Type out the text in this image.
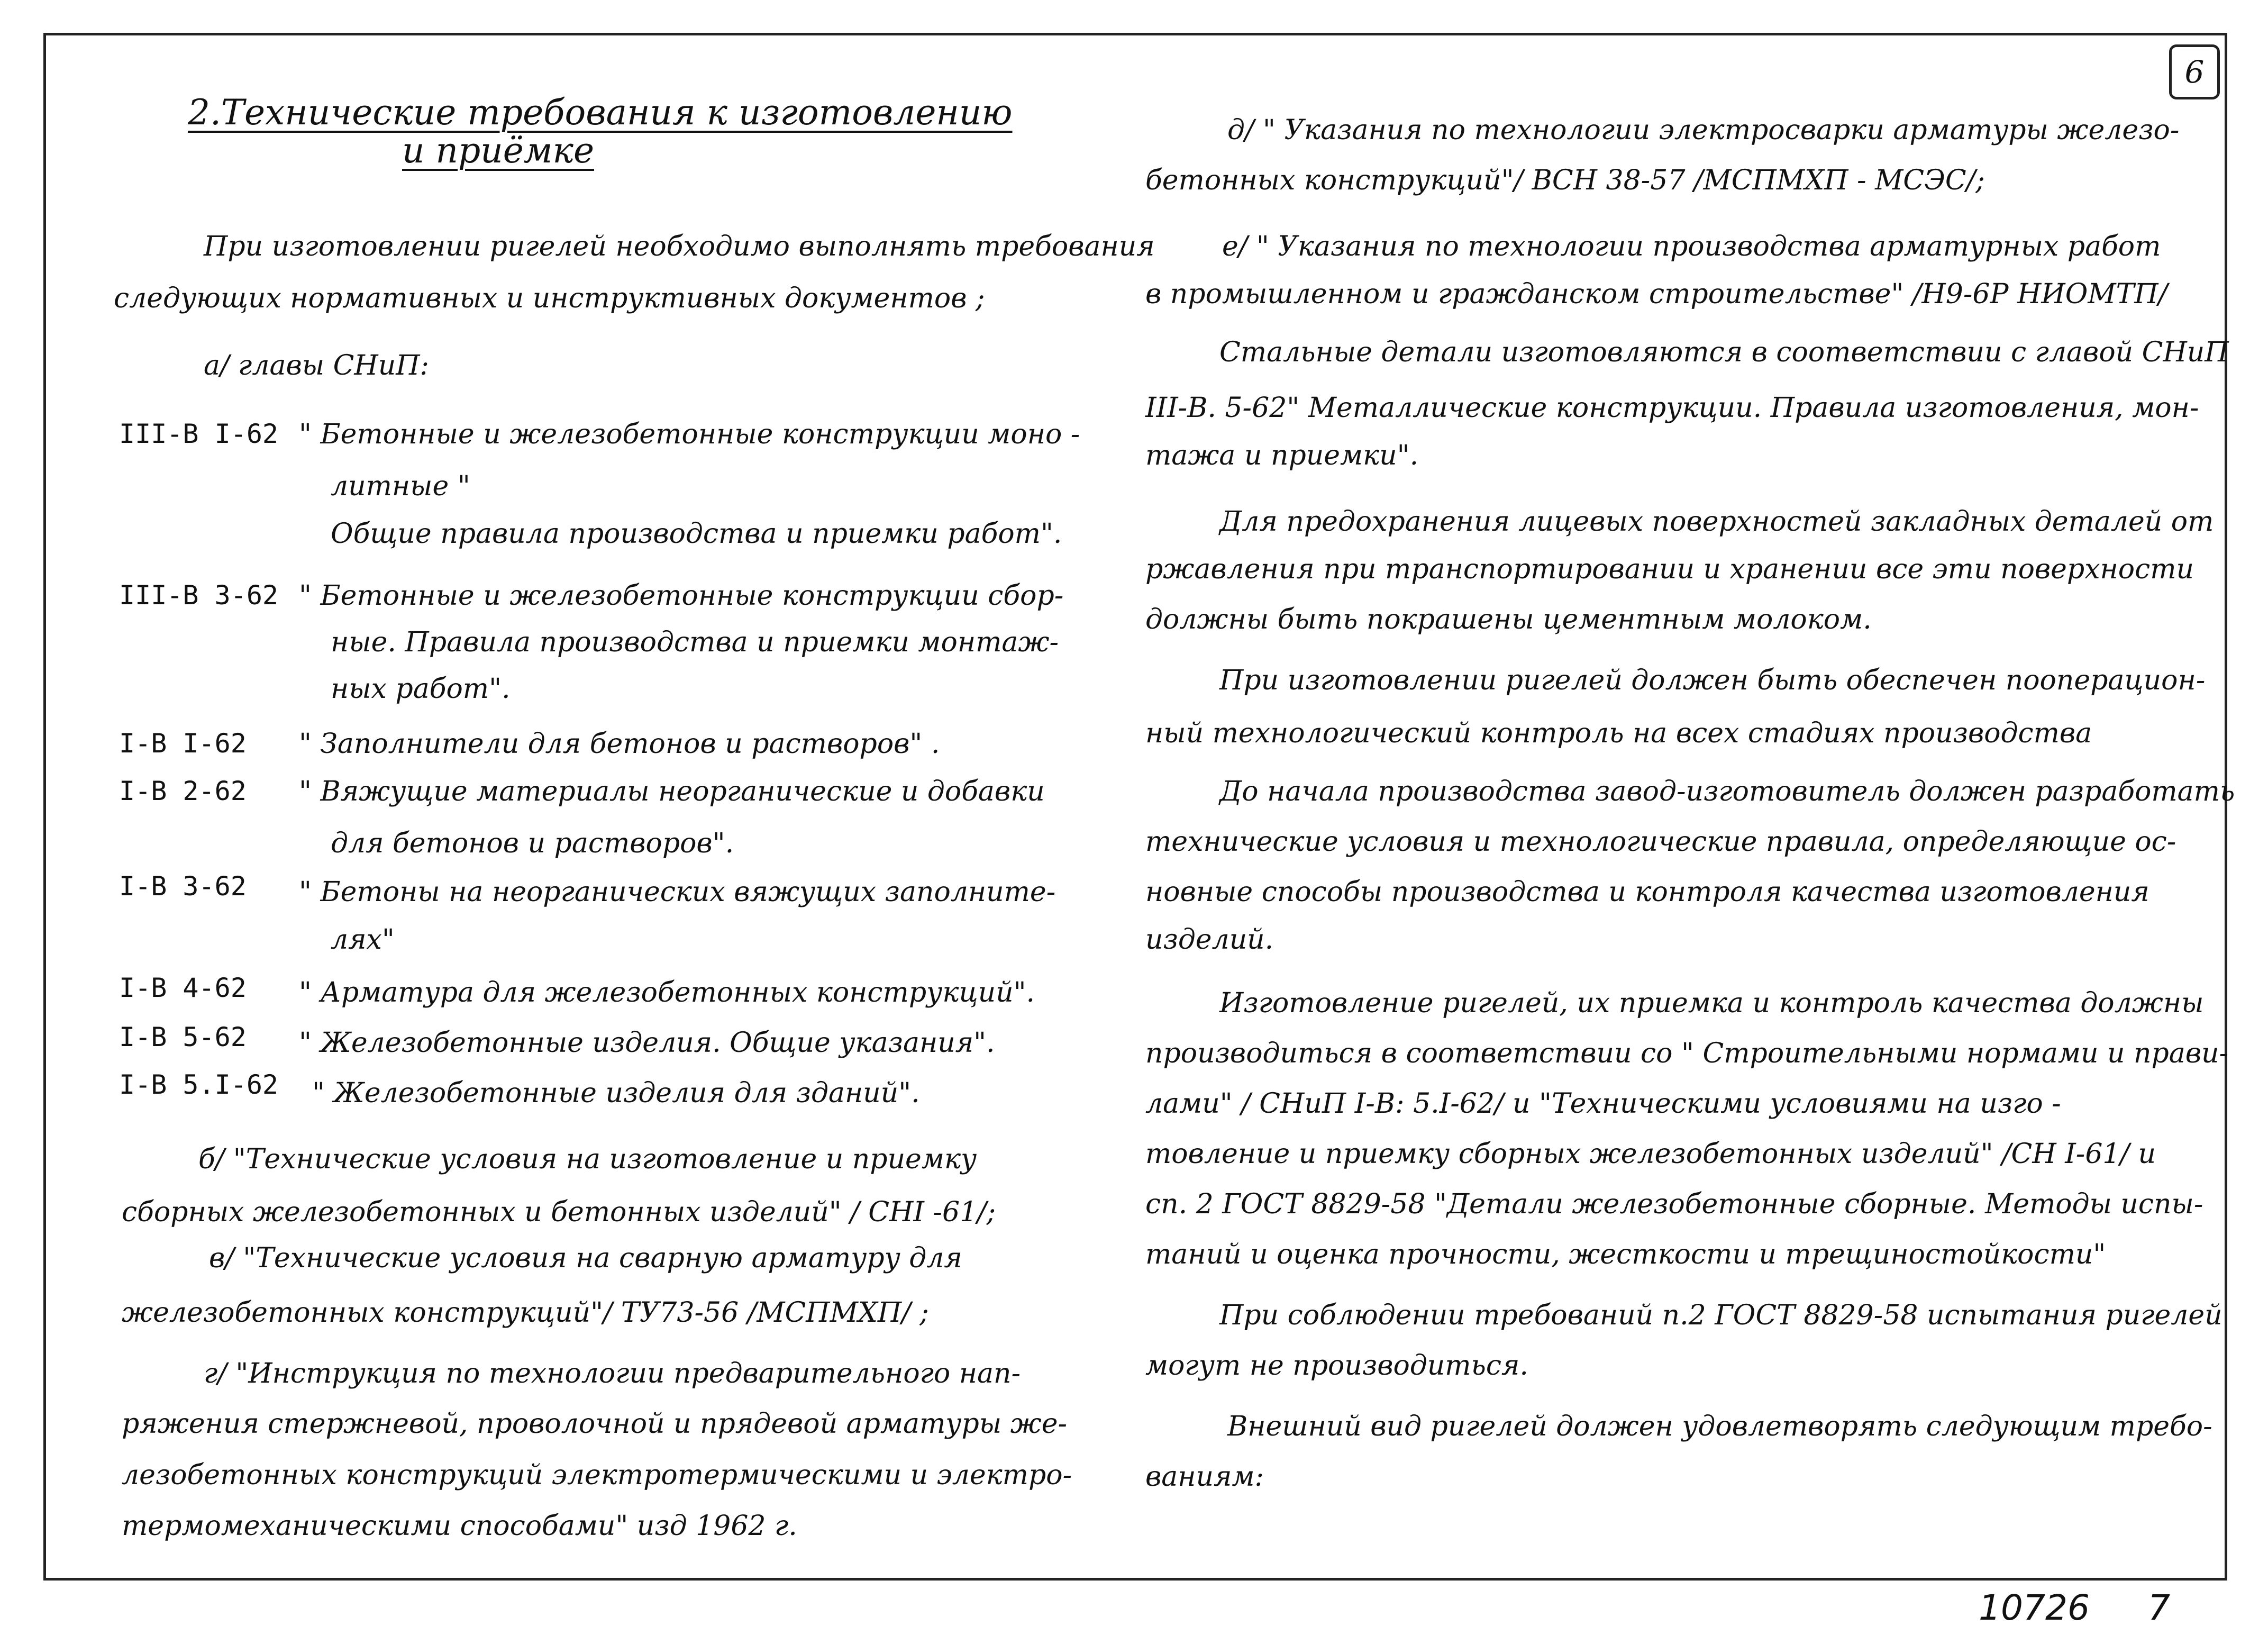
6
2.Технические требования к изготовлению
и приёмке
При изготовлении ригелей необходимо выполнять требования
следующих нормативных и инструктивных документов ;
а/ главы СНиП:
III-В I-62 " Бетонные и железобетонные конструкции моно -
литные "
Общие правила производства и приемки работ".
III-В 3-62 " Бетонные и железобетонные конструкции сбор-
ные. Правила производства и приемки монтаж-
ных работ".
I-В I-62 " Заполнители для бетонов и растворов" .
I-В 2-62 " Вяжущие материалы неорганические и добавки
для бетонов и растворов".
I-В 3-62 " Бетоны на неорганических вяжущих заполните-
лях"
I-В 4-62 " Арматура для железобетонных конструкций".
I-В 5-62 " Железобетонные изделия. Общие указания".
I-В 5.I-62 " Железобетонные изделия для зданий".
б/ "Технические условия на изготовление и приемку
сборных железобетонных и бетонных изделий" / СНI -61/;
в/ "Технические условия на сварную арматуру для
железобетонных конструкций"/ ТУ73-56 /МСПМХП/ ;
г/ "Инструкция по технологии предварительного нап-
ряжения стержневой, проволочной и прядевой арматуры же-
лезобетонных конструкций электротермическими и электро-
термомеханическими способами" изд 1962 г.
д/ " Указания по технологии электросварки арматуры железо-
бетонных конструкций"/ ВСН 38-57 /МСПМХП - МСЭС/;
е/ " Указания по технологии производства арматурных работ
в промышленном и гражданском строительстве" /Н9-6Р НИОМТП/
Стальные детали изготовляются в соответствии с главой СНиП
III-В. 5-62" Металлические конструкции. Правила изготовления, мон-
тажа и приемки".
Для предохранения лицевых поверхностей закладных деталей от
ржавления при транспортировании и хранении все эти поверхности
должны быть покрашены цементным молоком.
При изготовлении ригелей должен быть обеспечен пооперацион-
ный технологический контроль на всех стадиях производства
До начала производства завод-изготовитель должен разработать
технические условия и технологические правила, определяющие ос-
новные способы производства и контроля качества изготовления
изделий.
Изготовление ригелей, их приемка и контроль качества должны
производиться в соответствии со " Строительными нормами и прави-
лами" / СНиП I-В: 5.I-62/ и "Техническими условиями на изго -
товление и приемку сборных железобетонных изделий" /СН I-61/ и
сп. 2 ГОСТ 8829-58 "Детали железобетонные сборные. Методы испы-
таний и оценка прочности, жесткости и трещиностойкости"
При соблюдении требований п.2 ГОСТ 8829-58 испытания ригелей
могут не производиться.
Внешний вид ригелей должен удовлетворять следующим требо-
ваниям:
10726 7
